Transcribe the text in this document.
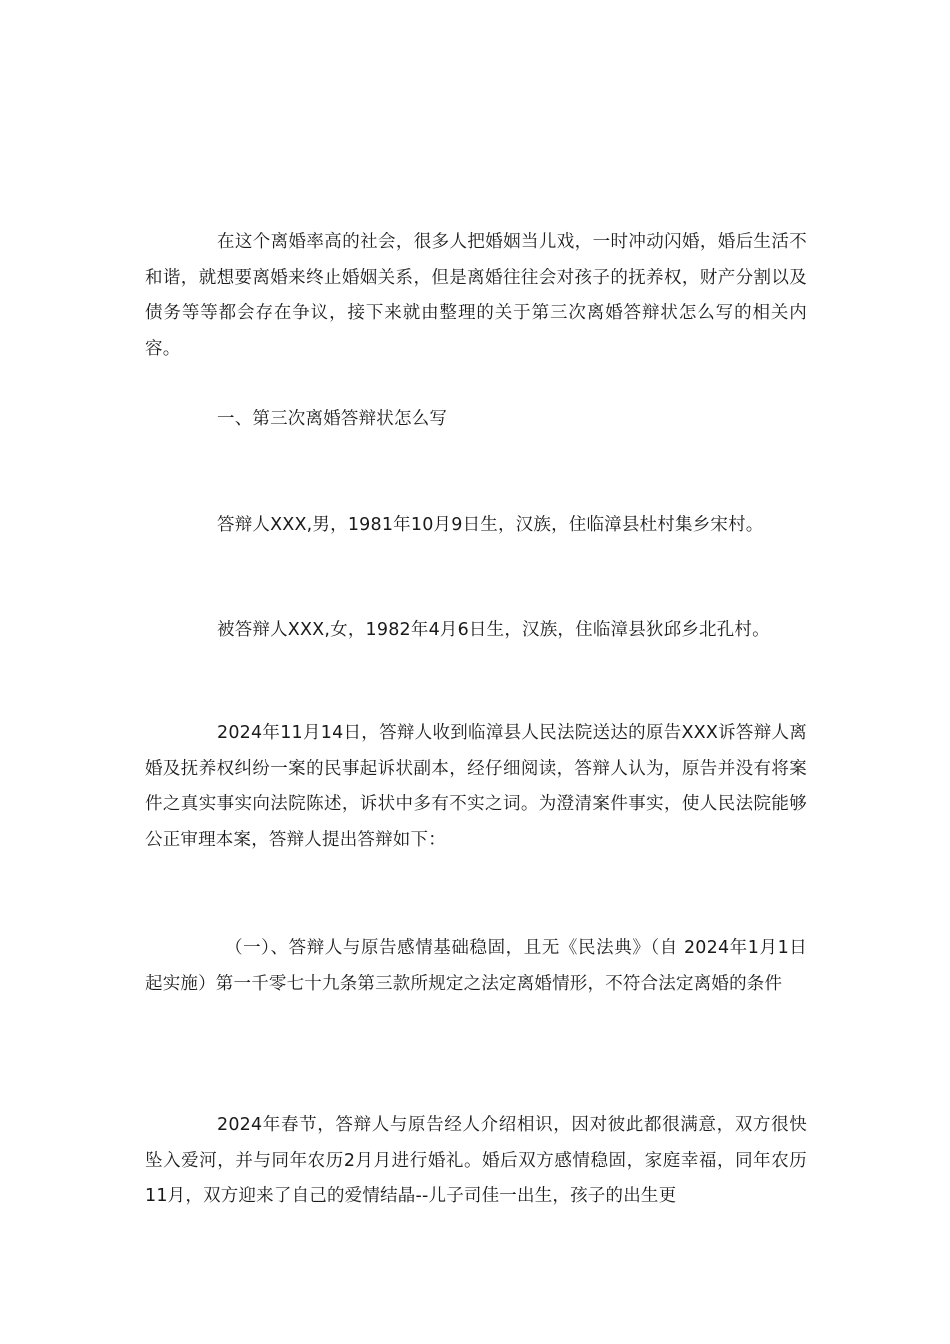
在这个离婚率高的社会，很多人把婚姻当儿戏，一时冲动闪婚，婚后生活不和谐，就想要离婚来终止婚姻关系，但是离婚往往会对孩子的抚养权，财产分割以及债务等等都会存在争议，接下来就由整理的关于第三次离婚答辩状怎么写的相关内容。

一、第三次离婚答辩状怎么写

答辩人XXX,男，1981年10月9日生，汉族，住临漳县杜村集乡宋村。

被答辩人XXX,女，1982年4月6日生，汉族，住临漳县狄邱乡北孔村。

2024年11月14日，答辩人收到临漳县人民法院送达的原告XXX诉答辩人离婚及抚养权纠纷一案的民事起诉状副本，经仔细阅读，答辩人认为，原告并没有将案件之真实事实向法院陈述，诉状中多有不实之词。为澄清案件事实，使人民法院能够公正审理本案，答辩人提出答辩如下：

（一）、答辩人与原告感情基础稳固，且无《民法典》（自 2024年1月1日起实施）第一千零七十九条第三款所规定之法定离婚情形，不符合法定离婚的条件

2024年春节，答辩人与原告经人介绍相识，因对彼此都很满意，双方很快坠入爱河，并与同年农历2月月进行婚礼。婚后双方感情稳固，家庭幸福，同年农历11月，双方迎来了自己的爱情结晶--儿子司佳一出生，孩子的出生更
